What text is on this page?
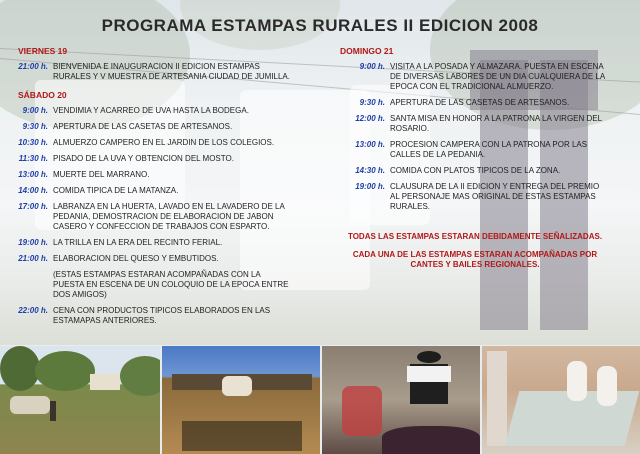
PROGRAMA ESTAMPAS RURALES II EDICION 2008
VIERNES 19
21:00 h. BIENVENIDA E INAUGURACION II EDICION ESTAMPAS RURALES Y V MUESTRA DE ARTESANIA CIUDAD DE JUMILLA.
SÁBADO 20
9:00 h. VENDIMIA Y ACARREO DE UVA HASTA LA BODEGA.
9:30 h. APERTURA DE LAS CASETAS DE ARTESANOS.
10:30 h. ALMUERZO CAMPERO EN EL JARDIN DE LOS COLEGIOS.
11:30 h. PISADO DE LA UVA Y OBTENCION DEL MOSTO.
13:00 h. MUERTE DEL MARRANO.
14:00 h. COMIDA TIPICA DE LA MATANZA.
17:00 h. LABRANZA EN LA HUERTA, LAVADO EN EL LAVADERO DE LA PEDANIA, DEMOSTRACION DE ELABORACION DE JABON CASERO Y CONFECCION DE TRABAJOS CON ESPARTO.
19:00 h. LA TRILLA EN LA ERA DEL RECINTO FERIAL.
21:00 h. ELABORACION DEL QUESO Y EMBUTIDOS.
(ESTAS ESTAMPAS ESTARAN ACOMPAÑADAS CON LA PUESTA EN ESCENA DE UN COLOQUIO DE LA EPOCA ENTRE DOS AMIGOS)
22:00 h. CENA CON PRODUCTOS TIPICOS ELABORADOS EN LAS ESTAMAPAS ANTERIORES.
DOMINGO 21
9:00 h. VISITA A LA POSADA Y ALMAZARA. PUESTA EN ESCENA DE DIVERSAS LABORES DE UN DIA CUALQUIERA DE LA EPOCA CON EL TRADICIONAL ALMUERZO.
9:30 h. APERTURA DE LAS CASETAS DE ARTESANOS.
12:00 h. SANTA MISA EN HONOR A LA PATRONA LA VIRGEN DEL ROSARIO.
13:00 h. PROCESION CAMPERA CON LA PATRONA POR LAS CALLES DE LA PEDANIA.
14:30 h. COMIDA CON PLATOS TIPICOS DE LA ZONA.
19:00 h. CLAUSURA DE LA II EDICION Y ENTREGA DEL PREMIO AL PERSONAJE MAS ORIGINAL DE ESTAS ESTAMPAS RURALES.
TODAS LAS ESTAMPAS ESTARAN DEBIDAMENTE SEÑALIZADAS.
CADA UNA DE LAS ESTAMPAS ESTARAN ACOMPAÑADAS POR CANTES Y BAILES REGIONALES.
